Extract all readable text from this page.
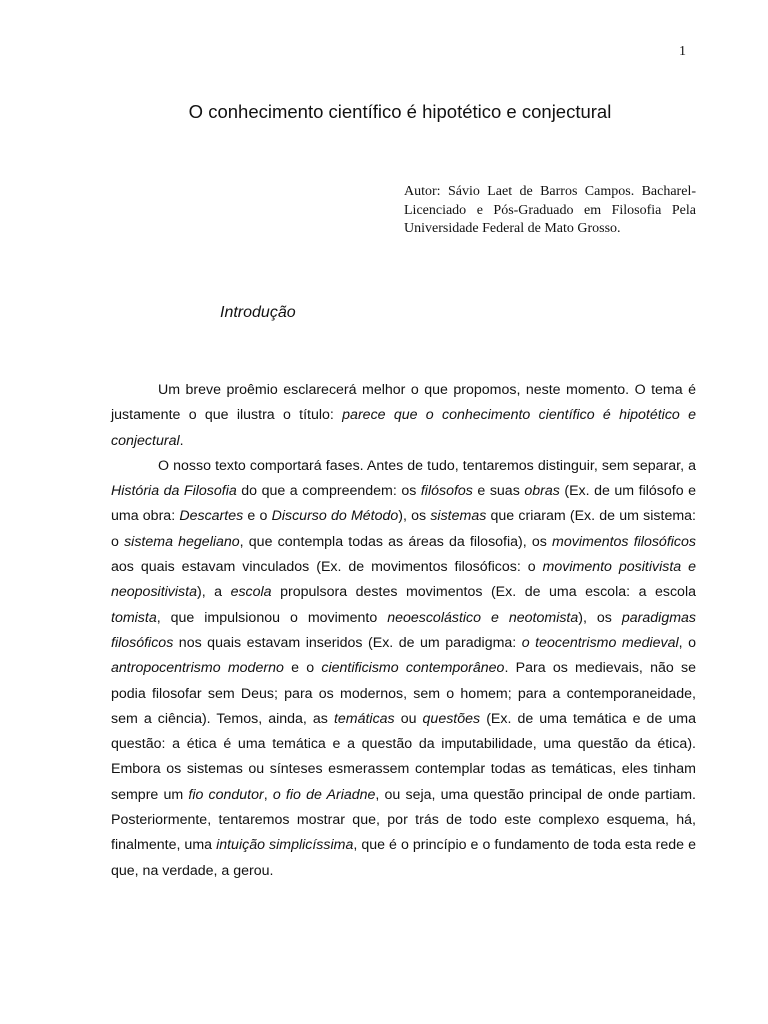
1
O conhecimento científico é hipotético e conjectural
Autor: Sávio Laet de Barros Campos. Bacharel-Licenciado e Pós-Graduado em Filosofia Pela Universidade Federal de Mato Grosso.
Introdução

Um breve proêmio esclarecerá melhor o que propomos, neste momento. O tema é justamente o que ilustra o título: parece que o conhecimento científico é hipotético e conjectural.

O nosso texto comportará fases. Antes de tudo, tentaremos distinguir, sem separar, a História da Filosofia do que a compreendem: os filósofos e suas obras (Ex. de um filósofo e uma obra: Descartes e o Discurso do Método), os sistemas que criaram (Ex. de um sistema: o sistema hegeliano, que contempla todas as áreas da filosofia), os movimentos filosóficos aos quais estavam vinculados (Ex. de movimentos filosóficos: o movimento positivista e neopositivista), a escola propulsora destes movimentos (Ex. de uma escola: a escola tomista, que impulsionou o movimento neoescolástico e neotomista), os paradigmas filosóficos nos quais estavam inseridos (Ex. de um paradigma: o teocentrismo medieval, o antropocentrismo moderno e o cientificismo contemporâneo. Para os medievais, não se podia filosofar sem Deus; para os modernos, sem o homem; para a contemporaneidade, sem a ciência). Temos, ainda, as temáticas ou questões (Ex. de uma temática e de uma questão: a ética é uma temática e a questão da imputabilidade, uma questão da ética). Embora os sistemas ou sínteses esmerassem contemplar todas as temáticas, eles tinham sempre um fio condutor, o fio de Ariadne, ou seja, uma questão principal de onde partiam. Posteriormente, tentaremos mostrar que, por trás de todo este complexo esquema, há, finalmente, uma intuição simplicíssima, que é o princípio e o fundamento de toda esta rede e que, na verdade, a gerou.
